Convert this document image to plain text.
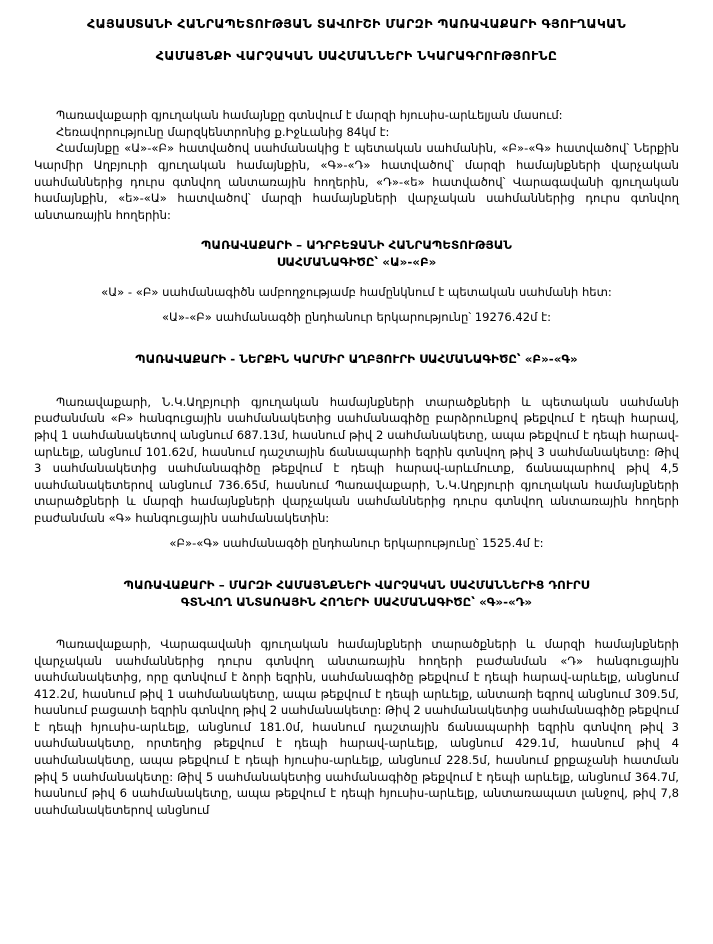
ՀԱՅԱՍՏԱՆԻ ՀԱՆՐԱՊԵՏՈՒԹՅԱՆ ՏԱՎՈՒՇԻ ՄԱՐԶԻ ՊԱՌԱՎԱՔԱՐԻ ԳՅՈՒՂԱԿԱՆ
ՀԱՄԱՅՆՔԻ ՎԱՐՉԱԿԱՆ ՍԱՀՄԱՆՆԵՐԻ ՆԿԱՐԱԳՐՈՒԹՅՈՒՆԸ

Պառավաքարի գյուղական համայնքը գտնվում է մարզի հյուսիս-արևելյան մասում:

Հեռավորությունը մարզկենտրոնից ք.Իջևանից 84կմ է:

Համայնքը «Ա»-«Բ» հատվածով սահմանակից է պետական սահմանին, «Բ»-«Գ» հատվածով՝ Ներքին Կարմիր Աղբյուրի գյուղական համայնքին, «Գ»-«Դ» հատվածով՝ մարզի համայնքների վարչական սահմաններից դուրս գտնվող անտառային հողերին, «Դ»-«ե» հատվածով՝ Վարագավանի գյուղական համայնքին, «ե»-«Ա» հատվածով՝ մարզի համայնքների վարչական սահմաններից դուրս գտնվող անտառային հողերին:

ՊԱՌԱՎԱՔԱՐԻ – ԱԴՐԲԵՋԱՆԻ ՀԱՆՐԱՊԵՏՈՒԹՅԱՆ
ՍԱՀՄԱՆԱԳԻԾԸ՝ «Ա»-«Բ»

«Ա» - «Բ» սահմանագիծն ամբողջությամբ համընկնում է պետական սահմանի հետ:

«Ա»-«Բ» սահմանագծի ընդհանուր երկարությունը՝ 19276.42մ է:

ՊԱՌԱՎԱՔԱՐԻ - ՆԵՐՔԻՆ ԿԱՐՄԻՐ ԱՂԲՅՈՒՐԻ ՍԱՀՄԱՆԱԳԻԾԸ՝ «Բ»-«Գ»

Պառավաքարի, Ն.Կ.Աղբյուրի գյուղական համայնքների տարածքների և պետական սահմանի բաժանման «Բ» հանգուցային սահմանակետից սահմանագիծը բարձրունքով թեքվում է դեպի հարավ, թիվ 1 սահմանակետով անցնում 687.13մ, հասնում թիվ 2 սահմանակետը, ապա թեքվում է դեպի հարավ-արևելք, անցնում 101.62մ, հասնում դաշտային ճանապարհի եզրին գտնվող թիվ 3 սահմանակետը: Թիվ 3 սահմանակետից սահմանագիծը թեքվում է դեպի հարավ-արևմուտք, ճանապարհով թիվ 4,5 սահմանակետերով անցնում 736.65մ, հասնում Պառավաքարի, Ն.Կ.Աղբյուրի գյուղական համայնքների տարածքների և մարզի համայնքների վարչական սահմաններից դուրս գտնվող անտառային հողերի բաժանման «Գ» հանգուցային սահմանակետին:

«Բ»-«Գ» սահմանագծի ընդհանուր երկարությունը՝ 1525.4մ է:

ՊԱՌԱՎԱՔԱՐԻ – ՄԱՐԶԻ ՀԱՄԱՅՆՔՆԵՐԻ ՎԱՐՉԱԿԱՆ ՍԱՀՄԱՆՆԵՐԻՑ ԴՈՒՐՍ
ԳՏՆՎՈՂ ԱՆՏԱՌԱՅԻՆ ՀՈՂԵՐԻ ՍԱՀՄԱՆԱԳԻԾԸ՝ «Գ»-«Դ»

Պառավաքարի, Վարագավանի գյուղական համայնքների տարածքների և մարզի համայնքների վարչական սահմաններից դուրս գտնվող անտառային հողերի բաժանման «Դ» հանգուցային սահմանակետից, որը գտնվում է ձորի եզրին, սահմանագիծը թեքվում է դեպի հարավ-արևելք, անցնում 412.2մ, հասնում թիվ 1 սահմանակետը, ապա թեքվում է դեպի արևելք, անտառի եզրով անցնում 309.5մ, հասնում բացատի եզրին գտնվող թիվ 2 սահմանակետը: Թիվ 2 սահմանակետից սահմանագիծը թեքվում է դեպի հյուսիս-արևելք, անցնում 181.0մ, հասնում դաշտային ճանապարհի եզրին գտնվող թիվ 3 սահմանակետը, որտեղից թեքվում է դեպի հարավ-արևելք, անցնում 429.1մ, հասնում թիվ 4 սահմանակետը, ապա թեքվում է դեպի հյուսիս-արևելք, անցնում 228.5մ, հասնում քրքաչանի հատման թիվ 5 սահմանակետը: Թիվ 5 սահմանակետից սահմանագիծը թեքվում է դեպի արևելք, անցնում 364.7մ, հասնում թիվ 6 սահմանակետը, ապա թեքվում է դեպի հյուսիս-արևելք, անտառապատ լանջով, թիվ 7,8 սահմանակետերով անցնում
